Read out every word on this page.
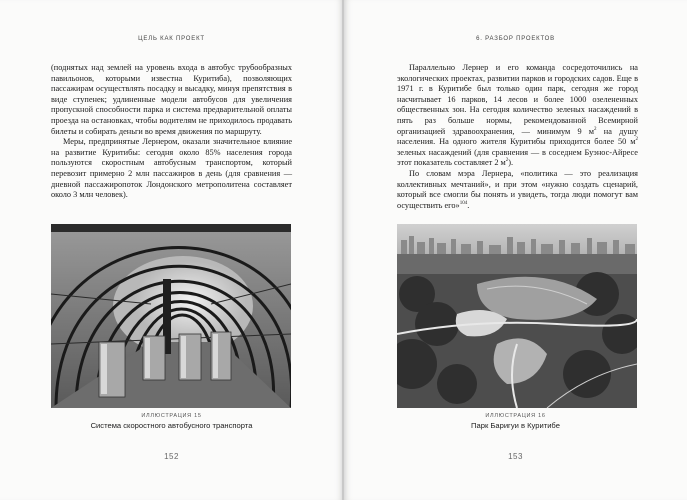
ЦЕЛЬ КАК ПРОЕКТ

(поднятых над землей на уровень входа в автобус трубообразных павильонов, которыми известна Куритиба), позволяющих пассажирам осуществлять посадку и высадку, минуя препятствия в виде ступенек; удлиненные модели автобусов для увеличения пропускной способности парка и система предварительной оплаты проезда на остановках, чтобы водителям не приходилось продавать билеты и собирать деньги во время движения по маршруту.

Меры, предпринятые Лернером, оказали значительное влияние на развитие Куритибы: сегодня около 85% населения города пользуются скоростным автобусным транспортом, который перевозит примерно 2 млн пассажиров в день (для сравнения — дневной пассажиропоток Лондонского метрополитена составляет около 3 млн человек).

ИЛЛЮСТРАЦИЯ 15
Система скоростного автобусного транспорта
152
6. РАЗБОР ПРОЕКТОВ

Параллельно Лернер и его команда сосредоточились на экологических проектах, развитии парков и городских садов. Еще в 1971 г. в Куритибе был только один парк, сегодня же город насчитывает 16 парков, 14 лесов и более 1000 озелененных общественных зон. На сегодня количество зеленых насаждений в пять раз больше нормы, рекомендованной Всемирной организацией здравоохранения, — минимум 9 $м^2$ на душу населения. На одного жителя Куритибы приходится более 50 $м^2$ зеленых насаждений (для сравнения — в соседнем Буэнос-Айресе этот показатель составляет 2 $м^2$).

По словам мэра Лернера, «политика — это реализация коллективных мечтаний», и при этом «нужно создать сценарий, который все смогли бы понять и увидеть, тогда люди помогут вам осуществить его»$^{104}$.

ИЛЛЮСТРАЦИЯ 16
Парк Баригуи в Куритибе
153
